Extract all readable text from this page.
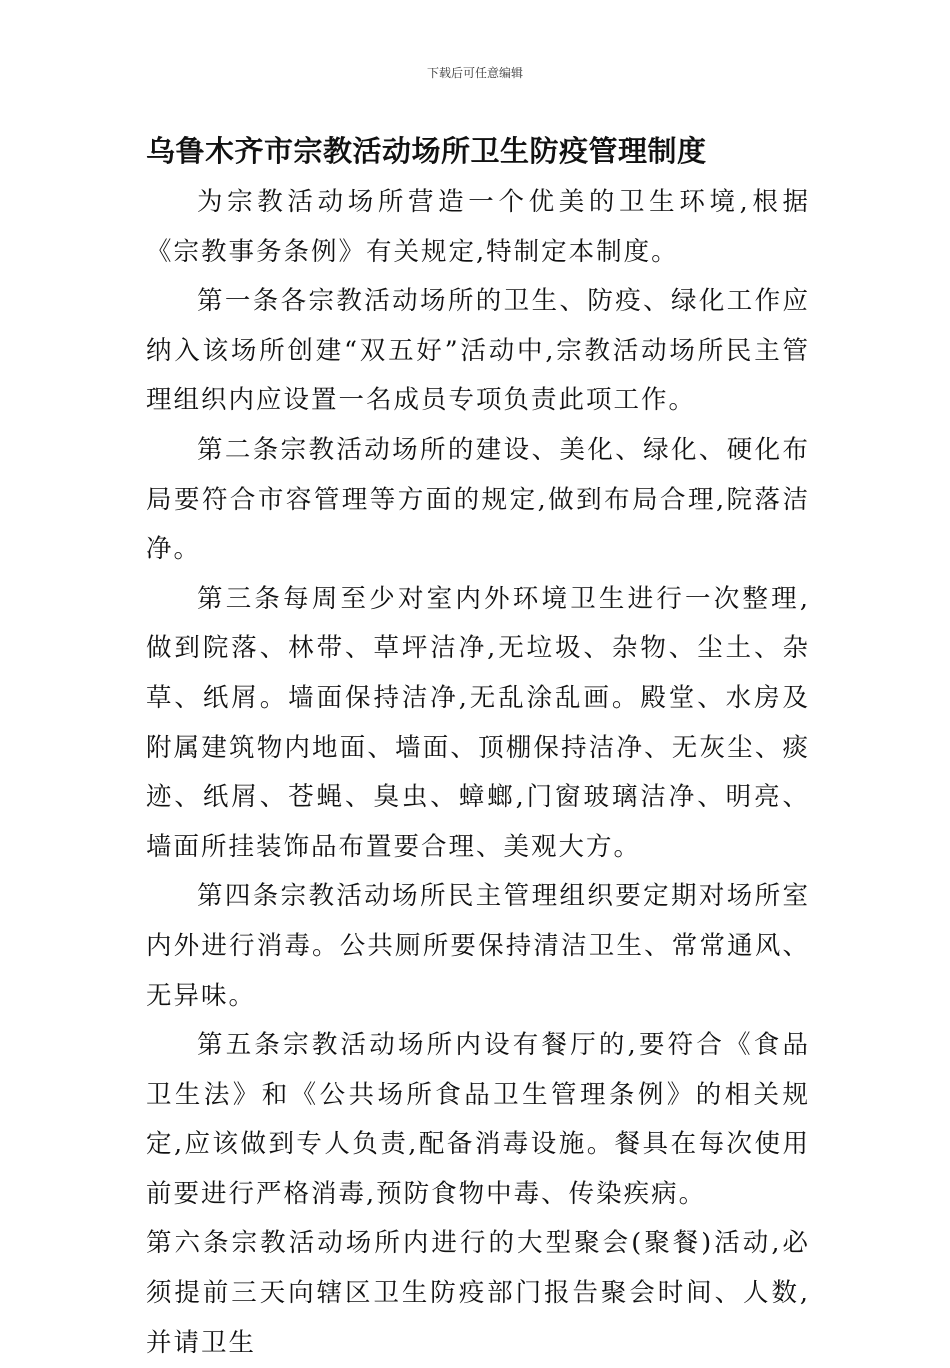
下载后可任意编辑
乌鲁木齐市宗教活动场所卫生防疫管理制度

为宗教活动场所营造一个优美的卫生环境,根据《宗教事务条例》有关规定,特制定本制度。

第一条各宗教活动场所的卫生、防疫、绿化工作应纳入该场所创建“双五好”活动中,宗教活动场所民主管理组织内应设置一名成员专项负责此项工作。

第二条宗教活动场所的建设、美化、绿化、硬化布局要符合市容管理等方面的规定,做到布局合理,院落洁净。

第三条每周至少对室内外环境卫生进行一次整理,做到院落、林带、草坪洁净,无垃圾、杂物、尘土、杂草、纸屑。墙面保持洁净,无乱涂乱画。殿堂、水房及附属建筑物内地面、墙面、顶棚保持洁净、无灰尘、痰迹、纸屑、苍蝇、臭虫、蟑螂,门窗玻璃洁净、明亮、墙面所挂装饰品布置要合理、美观大方。

第四条宗教活动场所民主管理组织要定期对场所室内外进行消毒。公共厕所要保持清洁卫生、常常通风、无异味。

第五条宗教活动场所内设有餐厅的,要符合《食品卫生法》和《公共场所食品卫生管理条例》的相关规定,应该做到专人负责,配备消毒设施。餐具在每次使用前要进行严格消毒,预防食物中毒、传染疾病。

第六条宗教活动场所内进行的大型聚会(聚餐)活动,必须提前三天向辖区卫生防疫部门报告聚会时间、人数,并请卫生
